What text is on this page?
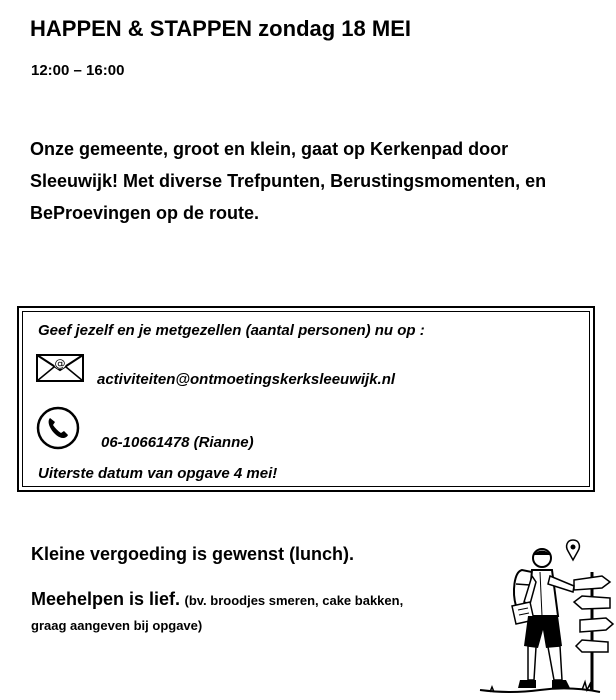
HAPPEN & STAPPEN zondag 18 MEI
12:00 – 16:00
Onze gemeente, groot en klein, gaat op Kerkenpad door Sleeuwijk! Met diverse Trefpunten, Berustingsmomenten, en BeProevingen op de route.
Geef jezelf en je metgezellen (aantal personen) nu op :
@
activiteiten@ontmoetingskerksleeuwijk.nl
06-10661478 (Rianne)
Uiterste datum van opgave 4 mei!
Kleine vergoeding is gewenst (lunch).
Meehelpen is lief. (bv. broodjes smeren, cake bakken, graag aangeven bij opgave)
